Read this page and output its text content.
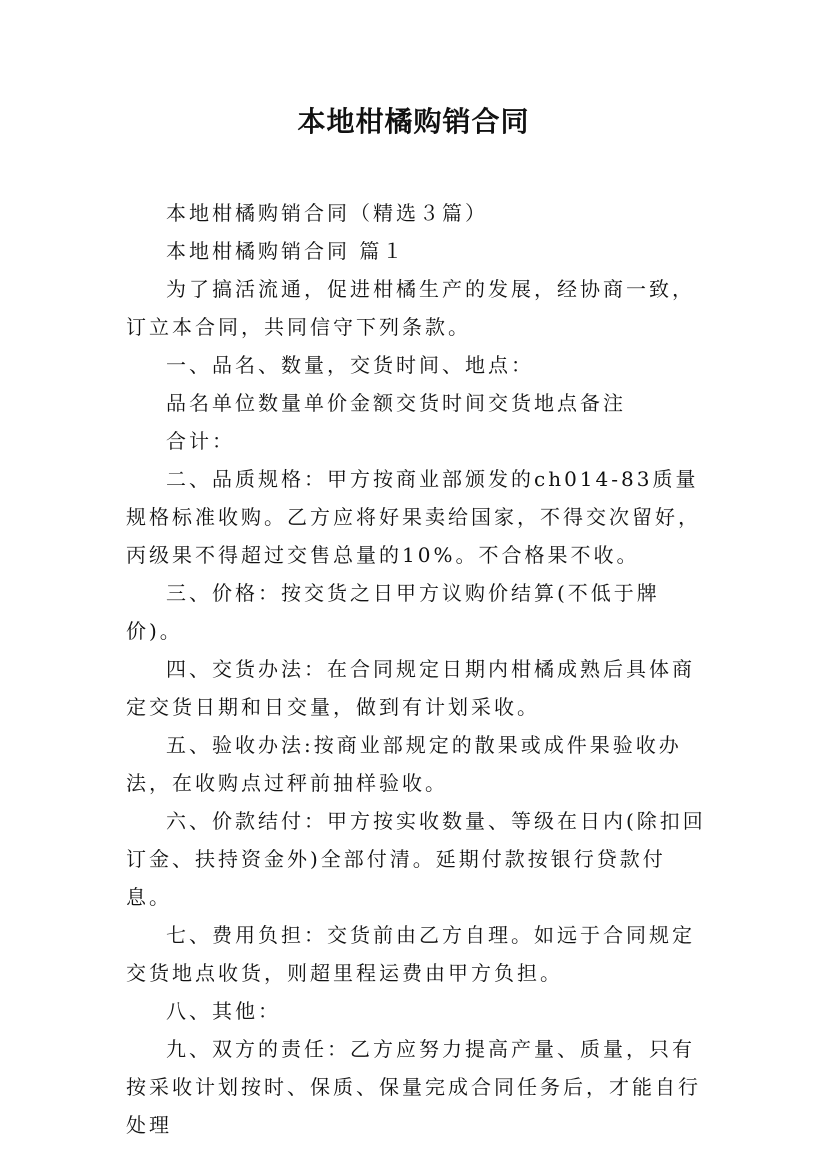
本地柑橘购销合同

本地柑橘购销合同（精选３篇）

本地柑橘购销合同 篇１

为了搞活流通，促进柑橘生产的发展，经协商一致，订立本合同，共同信守下列条款。

一、品名、数量，交货时间、地点：

品名单位数量单价金额交货时间交货地点备注

合计：

二、品质规格：甲方按商业部颁发的ch014-83质量规格标准收购。乙方应将好果卖给国家，不得交次留好，丙级果不得超过交售总量的10%。不合格果不收。

三、价格：按交货之日甲方议购价结算(不低于牌价)。

四、交货办法：在合同规定日期内柑橘成熟后具体商定交货日期和日交量，做到有计划采收。

五、验收办法:按商业部规定的散果或成件果验收办法，在收购点过秤前抽样验收。

六、价款结付：甲方按实收数量、等级在日内(除扣回订金、扶持资金外)全部付清。延期付款按银行贷款付息。

七、费用负担：交货前由乙方自理。如远于合同规定交货地点收货，则超里程运费由甲方负担。

八、其他：

九、双方的责任：乙方应努力提高产量、质量，只有按采收计划按时、保质、保量完成合同任务后，才能自行处理
